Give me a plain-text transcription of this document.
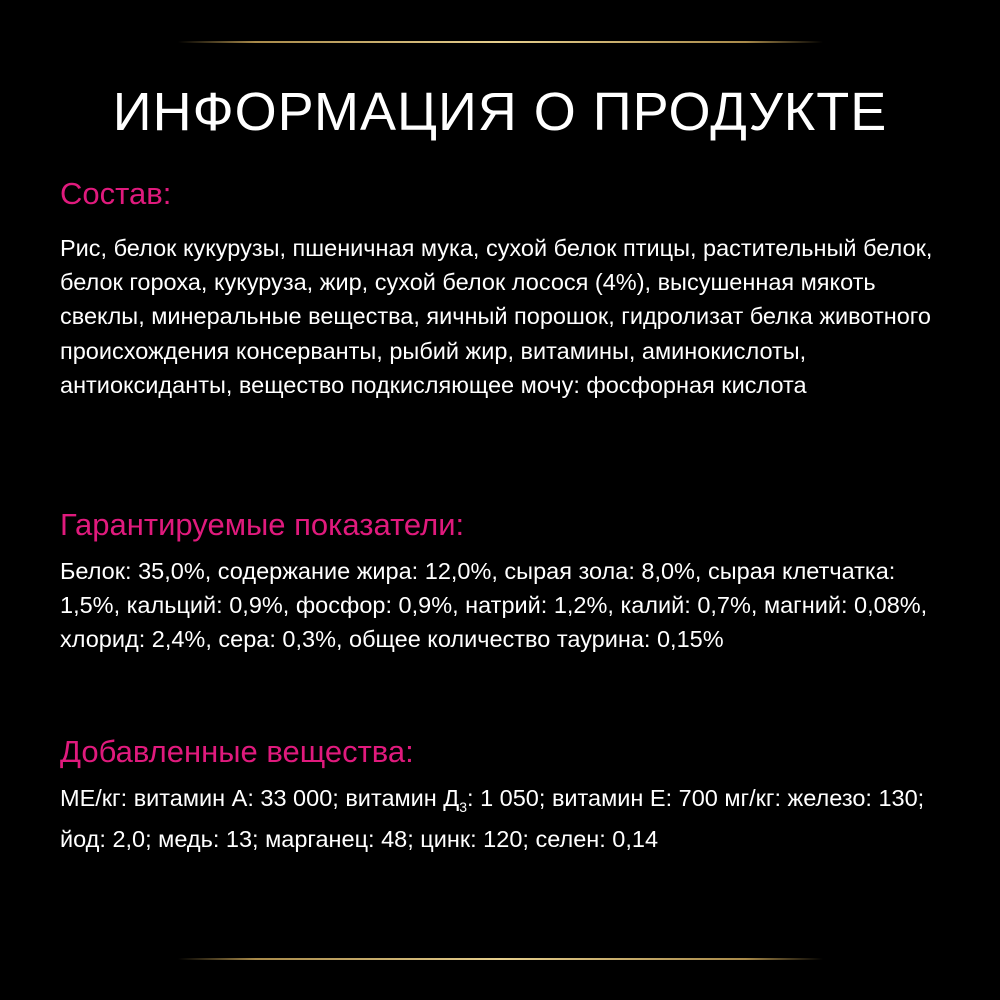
ИНФОРМАЦИЯ О ПРОДУКТЕ
Состав:

Рис, белок кукурузы, пшеничная мука, сухой белок птицы, растительный белок, белок гороха, кукуруза, жир, сухой белок лосося (4%), высушенная мякоть свеклы, минеральные вещества, яичный порошок, гидролизат белка животного происхождения консерванты, рыбий жир, витамины, аминокислоты, антиоксиданты, вещество подкисляющее мочу: фосфорная кислота

Гарантируемые показатели:

Белок: 35,0%, содержание жира: 12,0%, сырая зола: 8,0%, сырая клетчатка: 1,5%, кальций: 0,9%, фосфор: 0,9%, натрий: 1,2%, калий: 0,7%, магний: 0,08%, хлорид: 2,4%, сера: 0,3%, общее количество таурина: 0,15%

Добавленные вещества:

МЕ/кг: витамин А: 33 000; витамин $Д_3$: 1 050; витамин Е: 700 мг/кг: железо: 130; йод: 2,0; медь: 13; марганец: 48; цинк: 120; селен: 0,14
